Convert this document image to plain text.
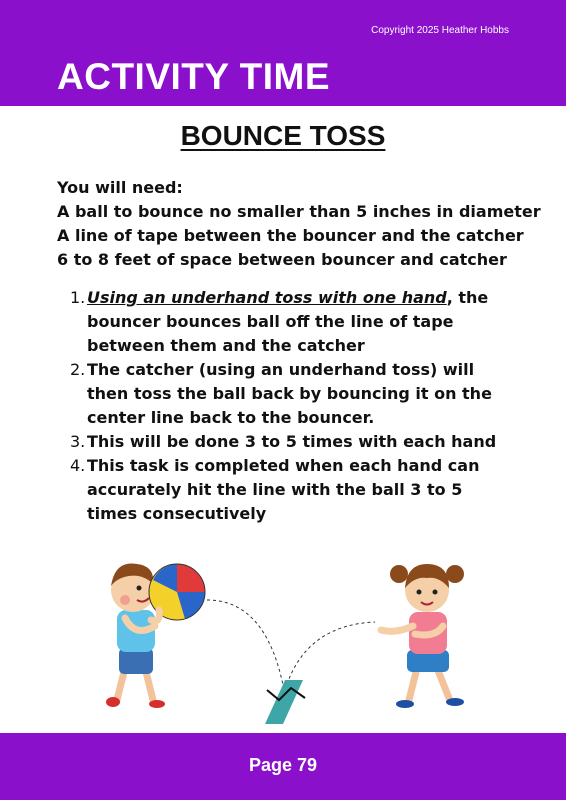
Copyright 2025 Heather Hobbs
ACTIVITY TIME
BOUNCE TOSS
You will need:
A ball to bounce no smaller than 5 inches in diameter
A line of tape between the bouncer and the catcher
6 to 8 feet of space between bouncer and catcher
1. Using an underhand toss with one hand, the bouncer bounces ball off the line of tape between them and the catcher
2. The catcher (using an underhand toss) will then toss the ball back by bouncing it on the center line back to the bouncer.
3. This will be done 3 to 5 times with each hand
4. This task is completed when each hand can accurately hit the line with the ball 3 to 5 times consecutively
Page 79
